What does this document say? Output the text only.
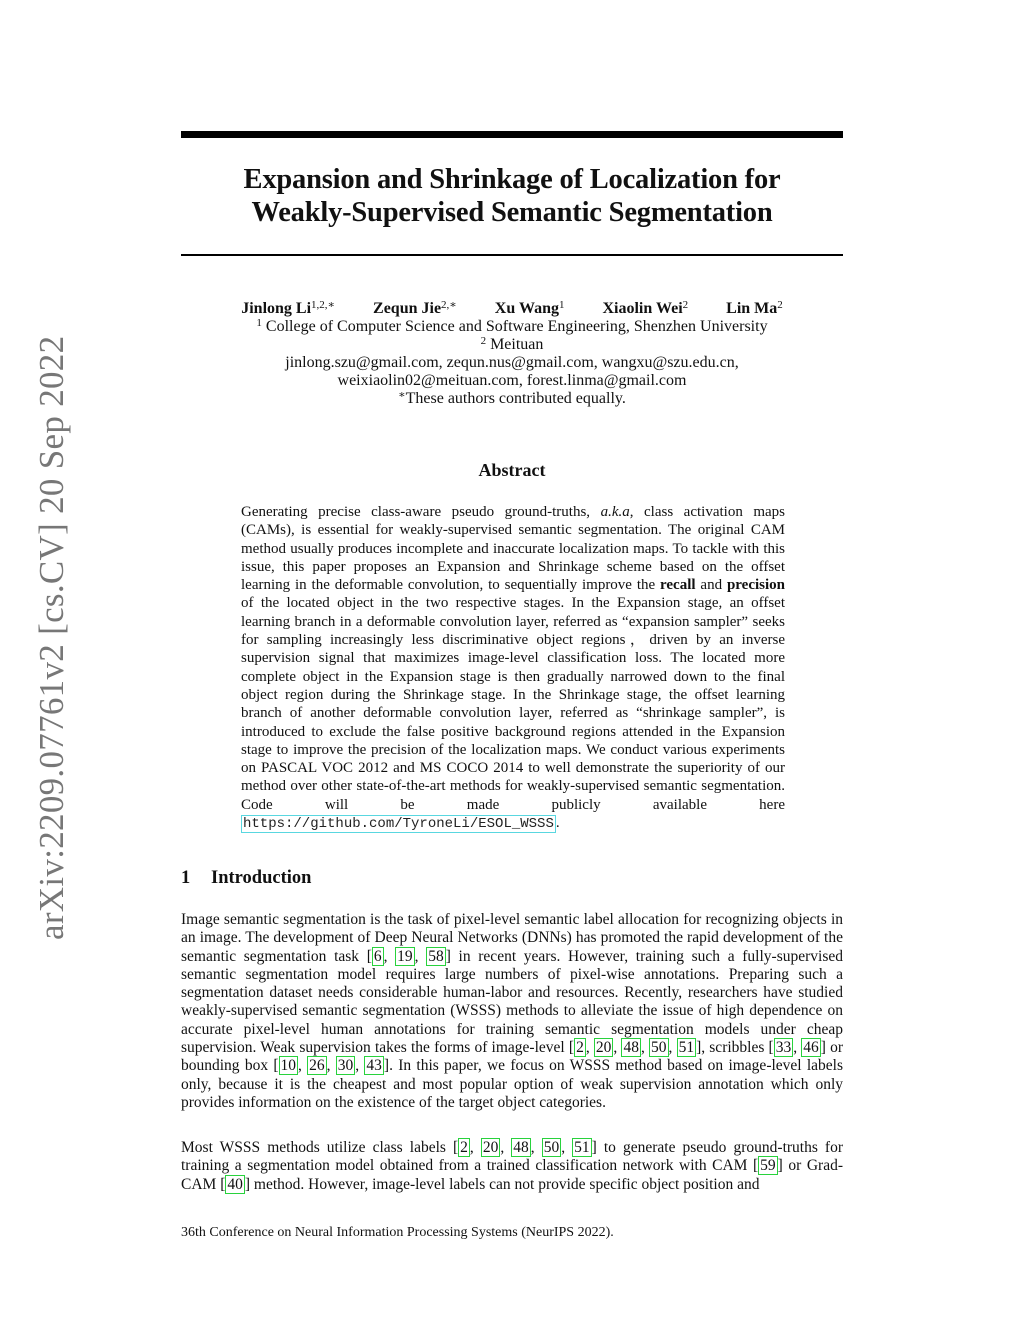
arXiv:2209.07761v2 [cs.CV] 20 Sep 2022
Expansion and Shrinkage of Localization for
Weakly-Supervised Semantic Segmentation
Jinlong $Li^{1,2,∗}$ Zequn Jie$^{2,∗}$ Xu Wang$^1$ Xiaolin Wei$^2$ Lin Ma$^2$
$^1$ College of Computer Science and Software Engineering, Shenzhen University
$^2$ Meituan
jinlong.szu@gmail.com, zequn.nus@gmail.com, wangxu@szu.edu.cn,
weixiaolin02@meituan.com, forest.linma@gmail.com
∗These authors contributed equally.
Abstract
Generating precise class-aware pseudo ground-truths, a.k.a, class activation maps (CAMs), is essential for weakly-supervised semantic segmentation. The original CAM method usually produces incomplete and inaccurate localization maps. To tackle with this issue, this paper proposes an Expansion and Shrinkage scheme based on the offset learning in the deformable convolution, to sequentially improve the recall and precision of the located object in the two respective stages. In the Expansion stage, an offset learning branch in a deformable convolution layer, referred as “expansion sampler” seeks for sampling increasingly less discriminative object regions，driven by an inverse supervision signal that maximizes image-level classification loss. The located more complete object in the Expansion stage is then gradually narrowed down to the final object region during the Shrinkage stage. In the Shrinkage stage, the offset learning branch of another deformable convolution layer, referred as “shrinkage sampler”, is introduced to exclude the false positive background regions attended in the Expansion stage to improve the precision of the localization maps. We conduct various experiments on PASCAL VOC 2012 and MS COCO 2014 to well demonstrate the superiority of our method over other state-of-the-art methods for weakly-supervised semantic segmentation. Code will be made publicly available here https://github.com/TyroneLi/ESOL_WSSS .
1 Introduction
Image semantic segmentation is the task of pixel-level semantic label allocation for recognizing objects in an image. The development of Deep Neural Networks (DNNs) has promoted the rapid development of the semantic segmentation task [ 6 , 19 , 58 ] in recent years. However, training such a fully-supervised semantic segmentation model requires large numbers of pixel-wise annotations. Preparing such a segmentation dataset needs considerable human-labor and resources. Recently, researchers have studied weakly-supervised semantic segmentation (WSSS) methods to alleviate the issue of high dependence on accurate pixel-level human annotations for training semantic segmentation models under cheap supervision. Weak supervision takes the forms of image-level [ 2 , 20 , 48 , 50 , 51 ], scribbles [ 33 , 46 ] or bounding box [ 10 , 26 , 30 , 43 ]. In this paper, we focus on WSSS method based on image-level labels only, because it is the cheapest and most popular option of weak supervision annotation which only provides information on the existence of the target object categories.
Most WSSS methods utilize class labels [ 2 , 20 , 48 , 50 , 51 ] to generate pseudo ground-truths for training a segmentation model obtained from a trained classification network with CAM [ 59 ] or Grad-CAM [ 40 ] method. However, image-level labels can not provide specific object position and
36th Conference on Neural Information Processing Systems (NeurIPS 2022).
